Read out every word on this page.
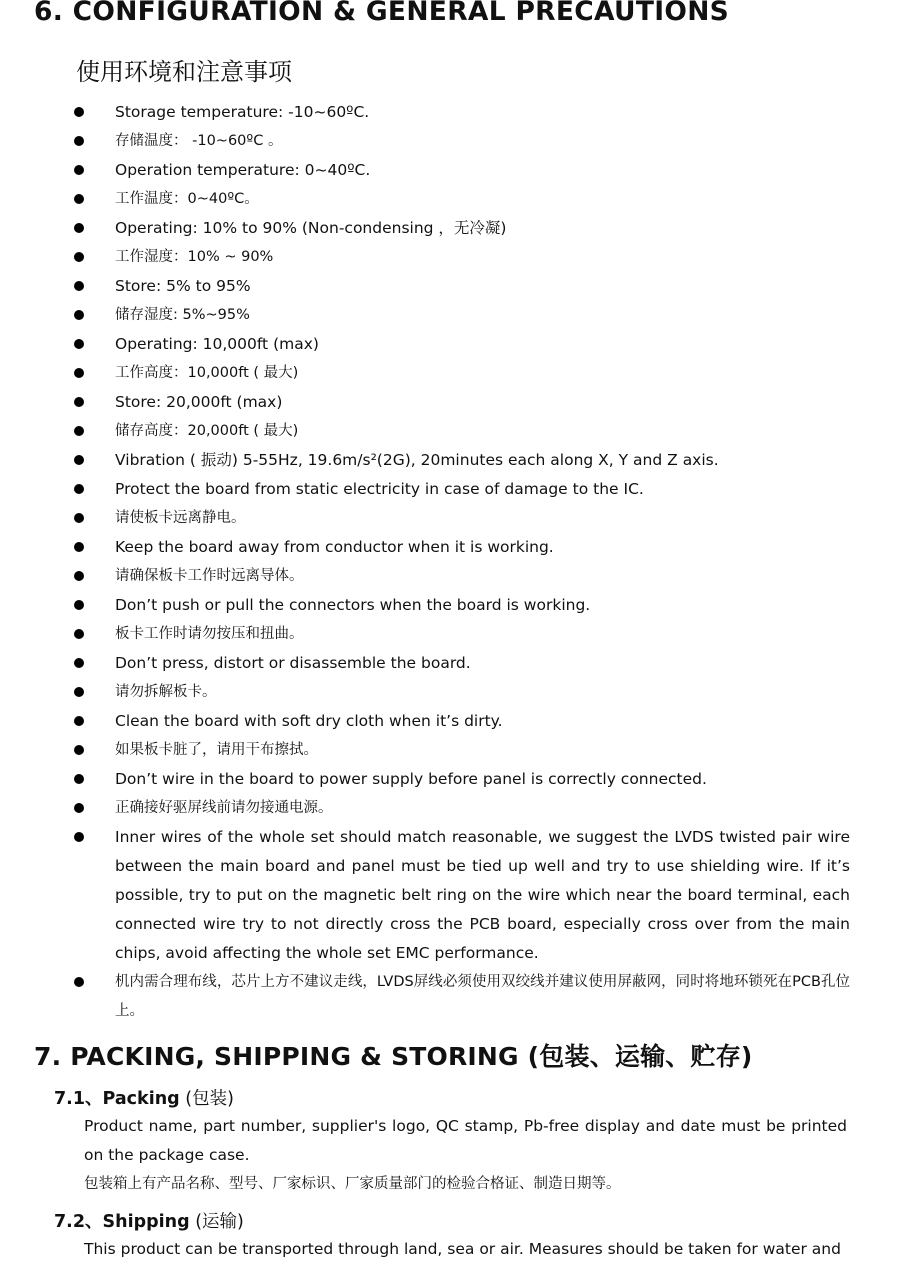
6. CONFIGURATION & GENERAL PRECAUTIONS
使用环境和注意事项
Storage temperature: -10~60ºC.
存储温度： -10~60ºC 。
Operation temperature: 0~40ºC.
工作温度：0~40ºC。
Operating: 10% to 90% (Non-condensing ，无冷凝)
工作湿度：10% ~ 90%
Store: 5% to 95%
储存湿度: 5%~95%
Operating: 10,000ft (max)
工作高度：10,000ft ( 最大)
Store: 20,000ft (max)
储存高度：20,000ft ( 最大)
Vibration ( 振动) 5-55Hz, 19.6m/s²(2G), 20minutes each along X, Y and Z axis.
Protect the board from static electricity in case of damage to the IC.
请使板卡远离静电。
Keep the board away from conductor when it is working.
请确保板卡工作时远离导体。
Don’t push or pull the connectors when the board is working.
板卡工作时请勿按压和扭曲。
Don’t press, distort or disassemble the board.
请勿拆解板卡。
Clean the board with soft dry cloth when it’s dirty.
如果板卡脏了，请用干布擦拭。
Don’t wire in the board to power supply before panel is correctly connected.
正确接好驱屏线前请勿接通电源。
Inner wires of the whole set should match reasonable, we suggest the LVDS twisted pair wire between the main board and panel must be tied up well and try to use shielding wire. If it’s possible, try to put on the magnetic belt ring on the wire which near the board terminal, each connected wire try to not directly cross the PCB board, especially cross over from the main chips, avoid affecting the whole set EMC performance.
机内需合理布线，芯片上方不建议走线，LVDS屏线必须使用双绞线并建议使用屏蔽网，同时将地环锁死在PCB孔位上。
7. PACKING, SHIPPING & STORING (包装、运输、贮存)
7.1、Packing (包装)

Product name, part number, supplier's logo, QC stamp, Pb-free display and date must be printed on the package case.

包装箱上有产品名称、型号、厂家标识、厂家质量部门的检验合格证、制造日期等。

7.2、Shipping (运输)

This product can be transported through land, sea or air. Measures should be taken for water and
